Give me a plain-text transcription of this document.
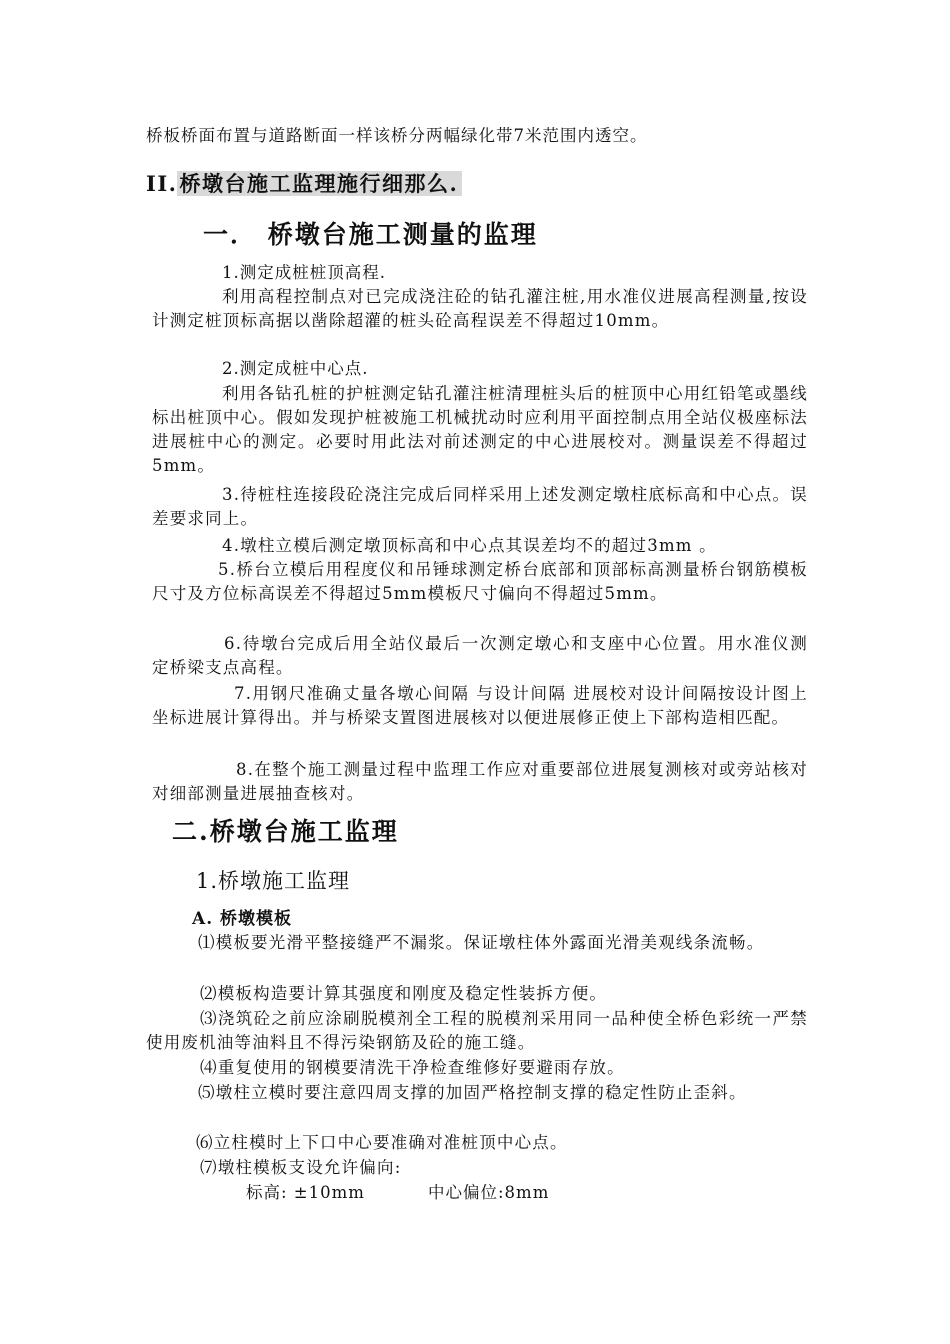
桥板桥面布置与道路断面一样该桥分两幅绿化带7米范围内透空。
II.桥墩台施工监理施行细那么.
一． 桥墩台施工测量的监理
1.测定成桩桩顶高程.
利用高程控制点对已完成浇注砼的钻孔灌注桩,用水准仪进展高程测量,按设计测定桩顶标高据以凿除超灌的桩头砼高程误差不得超过10mm。
2.测定成桩中心点.
利用各钻孔桩的护桩测定钻孔灌注桩清理桩头后的桩顶中心用红铅笔或墨线标出桩顶中心。假如发现护桩被施工机械扰动时应利用平面控制点用全站仪极座标法进展桩中心的测定。必要时用此法对前述测定的中心进展校对。测量误差不得超过5mm。
3.待桩柱连接段砼浇注完成后同样采用上述发测定墩柱底标高和中心点。误差要求同上。
4.墩柱立模后测定墩顶标高和中心点其误差均不的超过3mm 。
5.桥台立模后用程度仪和吊锤球测定桥台底部和顶部标高测量桥台钢筋模板尺寸及方位标高误差不得超过5mm模板尺寸偏向不得超过5mm。
6.待墩台完成后用全站仪最后一次测定墩心和支座中心位置。用水准仪测定桥梁支点高程。
7.用钢尺准确丈量各墩心间隔 与设计间隔 进展校对设计间隔按设计图上坐标进展计算得出。并与桥梁支置图进展核对以便进展修正使上下部构造相匹配。
8.在整个施工测量过程中监理工作应对重要部位进展复测核对或旁站核对对细部测量进展抽查核对。
二.桥墩台施工监理
1.桥墩施工监理
A. 桥墩模板
⑴模板要光滑平整接缝严不漏浆。保证墩柱体外露面光滑美观线条流畅。
⑵模板构造要计算其强度和刚度及稳定性装拆方便。
⑶浇筑砼之前应涂刷脱模剂全工程的脱模剂采用同一品种使全桥色彩统一严禁使用废机油等油料且不得污染钢筋及砼的施工缝。
⑷重复使用的钢模要清洗干净检查维修好要避雨存放。
⑸墩柱立模时要注意四周支撑的加固严格控制支撑的稳定性防止歪斜。
⑹立柱模时上下口中心要准确对准桩顶中心点。
⑺墩柱模板支设允许偏向:
标高: ±10mm	中心偏位:8mm
